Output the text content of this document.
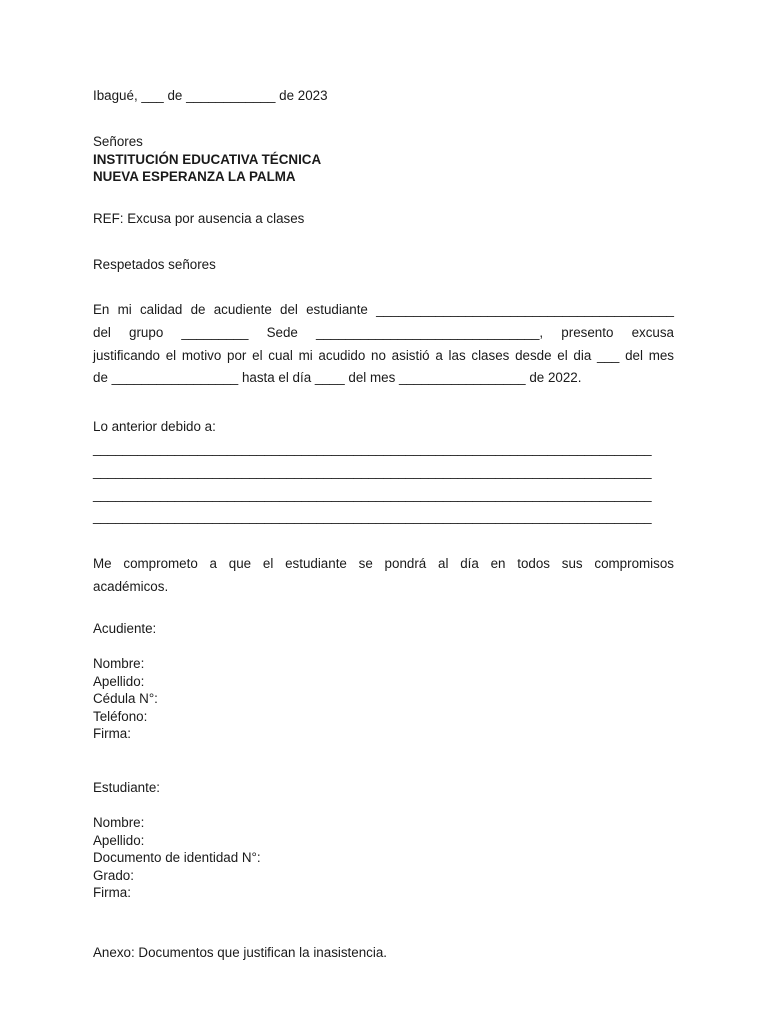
Ibagué, ___ de ____________ de 2023
Señores
INSTITUCIÓN EDUCATIVA TÉCNICA
NUEVA ESPERANZA LA PALMA
REF: Excusa por ausencia a clases
Respetados señores
En mi calidad de acudiente del estudiante ________________________________________
del grupo _________ Sede ______________________________, presento excusa
justificando el motivo por el cual mi acudido no asistió a las clases desde el dia ___ del mes
de _________________ hasta el día ____ del mes _________________ de 2022.
Lo anterior debido a:
___________________________________________________________________________
___________________________________________________________________________
___________________________________________________________________________
___________________________________________________________________________
Me comprometo a que el estudiante se pondrá al día en todos sus compromisos
académicos.
Acudiente:
Nombre:
Apellido:
Cédula N°:
Teléfono:
Firma:
Estudiante:
Nombre:
Apellido:
Documento de identidad N°:
Grado:
Firma:
Anexo: Documentos que justifican la inasistencia.
